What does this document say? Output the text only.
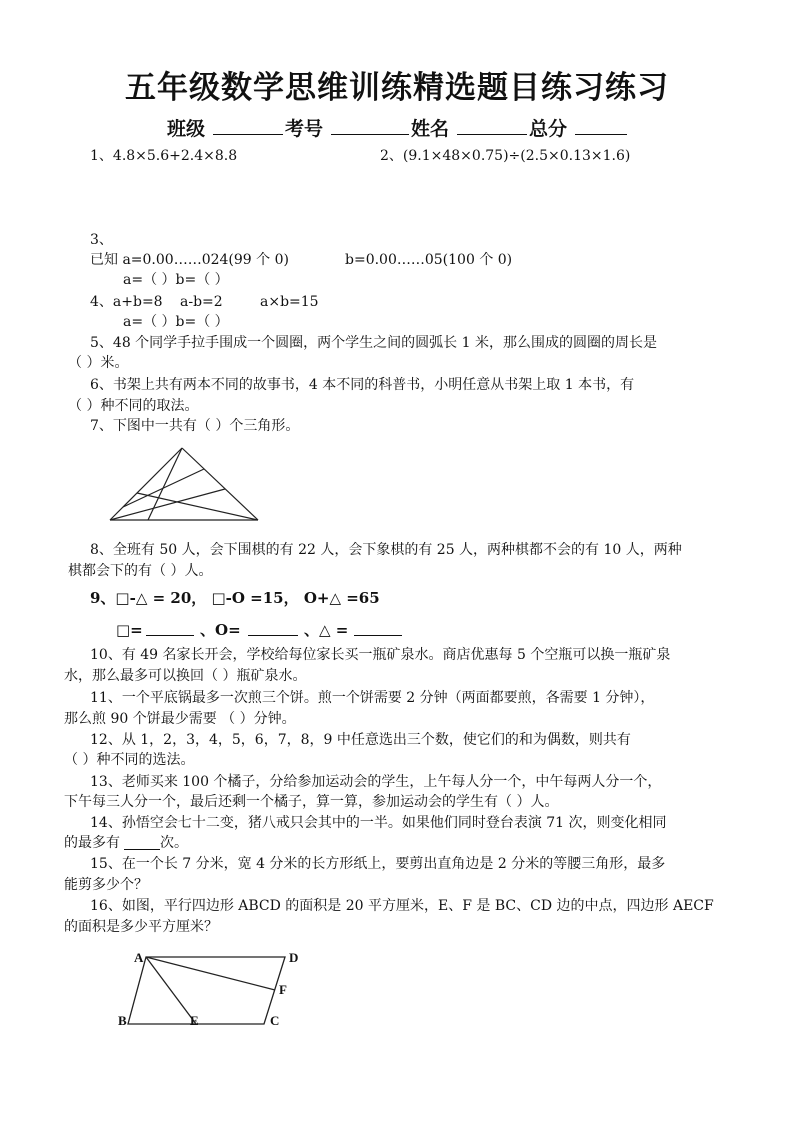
五年级数学思维训练精选题目练习练习
班级	考号	姓名	总分
1、4.8×5.6+2.4×8.8	2、(9.1×48×0.75)÷(2.5×0.13×1.6)
3、
已知 a=0.00……024(99 个 0)	b=0.00……05(100 个 0)
a=（ ）b=（ ）
4、a+b=8 a-b=2	a×b=15
a=（ ）b=（ ）
5、48 个同学手拉手围成一个圆圈，两个学生之间的圆弧长 1 米，那么围成的圆圈的周长是
（ ）米。
6、书架上共有两本不同的故事书，4 本不同的科普书，小明任意从书架上取 1 本书，有
（ ）种不同的取法。
7、下图中一共有（ ）个三角形。
8、全班有 50 人，会下围棋的有 22 人，会下象棋的有 25 人，两种棋都不会的有 10 人，两种
棋都会下的有（ ）人。
9、□-△ = 20， □-O =15， O+△ =65
□=	、O=	、△ =
10、有 49 名家长开会，学校给每位家长买一瓶矿泉水。商店优惠每 5 个空瓶可以换一瓶矿泉
水，那么最多可以换回（ ）瓶矿泉水。
11、一个平底锅最多一次煎三个饼。煎一个饼需要 2 分钟（两面都要煎，各需要 1 分钟），
那么煎 90 个饼最少需要 （ ）分钟。
12、从 1，2，3，4，5，6，7，8，9 中任意选出三个数，使它们的和为偶数，则共有
（ ）种不同的选法。
13、老师买来 100 个橘子，分给参加运动会的学生，上午每人分一个，中午每两人分一个，
下午每三人分一个，最后还剩一个橘子，算一算，参加运动会的学生有（ ）人。
14、孙悟空会七十二变，猪八戒只会其中的一半。如果他们同时登台表演 71 次，则变化相同
的最多有	次。
15、在一个长 7 分米，宽 4 分米的长方形纸上，要剪出直角边是 2 分米的等腰三角形，最多
能剪多少个？
16、如图，平行四边形 ABCD 的面积是 20 平方厘米，E、F 是 BC、CD 边的中点，四边形 AECF
的面积是多少平方厘米？
A	D
F
B	E	C
